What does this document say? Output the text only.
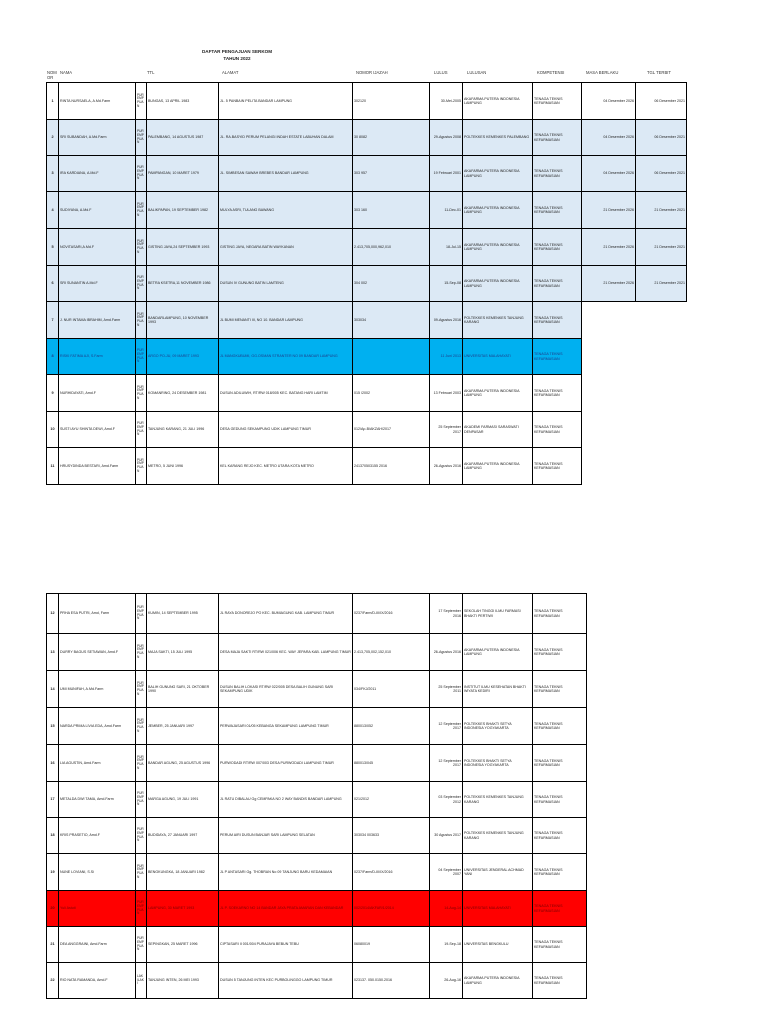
DAFTAR PENGAJUAN SERKOM
TAHUN 2022
NOM OR
NAMA	TTL	ALAMAT	NOMOR IJAZAH	LULUS	LULUSAN	KOMPETENSI	MASA BERLAKU	TGL TERBIT
1	RINTA NURSAELA, A.Md.Farm	PUR EMP PUA N	BUNGAS, 13 APRIL 1983	JL. 5 PANBAIN PELITA BANDAR LAMPUNG	302120	30-Mei-2005	AKAFARMA PUTERA INDONESIA LAMPUNG	TENAGA TEKNIS KEFARMASIAN	04 Desember 2026	06 Desember 2021
2	SRI SUBANDAH, A.Md.Farm	PUR EMP PUA N	PALEMBANG, 14 AGUSTUS 1987	JL. RA.BASYID PERUM PELANGI INDAH ESTATE LABUHAN DALAM	30 8082	29-Agustus 2008	POLTEKKES KEMENKES PALEMBANG	TENAGA TEKNIS KEFARMASIAN	04 Desember 2026	06 Desember 2021
3	IRA KARDIANA, A.Md.F	PUR EMP PUA N	PAMPANGAN, 10 MARET 1979	JL. SIMBESAN SAWAH BREBES BANDAR LAMPUNG	303 957	19 Februari 2001	AKAFARMA PUTERA INDONESIA LAMPUNG	TENAGA TEKNIS KEFARMASIAN	04 Desember 2026	06 Desember 2021
4	SUDIYANA, A.Md.F	PUR EMP PUA N	BALIKPAPAN, 19 SEPTEMBER 1982	MULYA ASRI, TULANG BAWANG	303 160	11-Dec-01	AKAFARMA PUTERA INDONESIA LAMPUNG	TENAGA TEKNIS KEFARMASIAN	21 Desember 2026	21 Desember 2021
5	NOVITASARI,A.Md.F	PUR EMP PUA N	GISTING JAYA,24 SEPTEMBER 1993	GISTING JAYA, NEGARA BATIN WAYKANAN	2.413,705,000,962,010	18-Jul-15	AKAFARMA PUTERA INDONESIA LAMPUNG	TENAGA TEKNIS KEFARMASIAN	21 Desember 2026	21 Desember 2021
6	SRI SUNANTIN A.Md.F	PUR EMP PUA N	BETRA KSETRA,11 NOVEMBER 1986	DUSUN IV GUNUNG BATIN LAMTENG	304 002	15-Sep-08	AKAFARMA PUTERA INDONESIA LAMPUNG	TENAGA TEKNIS KEFARMASIAN	21 Desember 2026	21 Desember 2021
7	J. NUR INTAMA IBRAHIM, Amd.Farm	PUR EMP PUA N	BANDARLAMPUNG, 10 NOVEMBER 1993	JL BUMI MENANTI III, NO 10. BANDAR LAMPUNG	303034	09-Agustus 2016	POLTEKKES KEMENKES TANJUNG KARANG	TENAGA TEKNIS KEFARMASIAN		
8	RISKI FATIMA AJI, S.Farm	PUR EMP PUA N	ARGO PO-JU, 09 MARET 1993	JL MANGKUBUMI, GG.OSMAN STRANTER NO 09 BANDAR LAMPUNG		11 Juni 2013	UNIVERSITAS MALAHAYATI	TENAGA TEKNIS KEFARMASIAN		
9	NURHIDAYATI, Amd.F	PUR EMP PUA N	KOMANRING, 24 DESEMBER 1981	DUSUN ADILUWIH, RT/RW 018/005 KEC. BATANG HARI LAMTIM	015 /2002	13 Februari 2003	AKAFARMA PUTERA INDONESIA LAMPUNG	TENAGA TEKNIS KEFARMASIAN		
10	SUSTI AYU SHINTA DEWI, Amd.F	PUR EMP PUA N	TANJUNG KARANG, 21 JULI 1996	DESA GEDUNG SEKAMPUNG UDIK LAMPUNG TIMUR	012/Ap-B/AKZAH/2017	25 September 2017	AKADEMI FARMASI SARASWATI DENPASAR	TENAGA TEKNIS KEFARMASIAN		
11	HRUSYDINDA BESTARI, Amd.Farm	PUR EMP PUA N	METRO, 5 JUNI 1996	KEL KARANG REJO KEC. METRO UTARA KOTA METRO	241370503155 2016	26-Agustus 2016	AKAFARMA PUTERA INDONESIA LAMPUNG	TENAGA TEKNIS KEFARMASIAN		
12	PRHA ESA PUTRI, Amd, Farm	PUR EMP PUA N	KUMIN, 14 SEPTEMBER 1995	JL RAYA DONOREJO PO KEC. BUMIAGUNG KAB. LAMPUNG TIMUR	0237/Farm/D-III/IX/2016	17 September 2016	SEKOLAH TINGGI ILMU FARMASI BHAKTI PERTIWI	TENAGA TEKNIS KEFARMASIAN
13	DURRY BAGUS SETIAWAN, Amd.F	PUR EMP PUA N	MAJA SAKTI, 15 JULI 1995	DESA MAJA SAKTI RT/RW 021/006 KEC. WAY JEPARA KAB. LAMPUNG TIMUR	2.413,705,002,152,010	26-Agustus 2016	AKAFARMA PUTERA INDONESIA LAMPUNG	TENAGA TEKNIS KEFARMASIAN
14	UMI MUNIFAH, A.Md.Farm	PUR EMP PUA N	BALIH GUNUNG SARI, 21 OKTOBER 1990	DUSUN BALIH LOKASI RT/RW 022/005 DESA BALIH GUNUNG SARI SEKAMPUNG UDIK	034/FKJ/2011	25 September 2011	INSTITUT ILMU KESEHATAN BHAKTI WIYATA KEDIRI	TENAGA TEKNIS KEFARMASIAN
15	NARDA PRIMA LIVIA EDA, Amd.Farm	PUR EMP PUA N	JEMBER, 25 JANUARI 1997	PERWAJASARI 01/05 KEBANGA SEKAMPUNG LAMPUNG TIMUR	880013/052	12 September 2017	POLTEKKES BHAKTI SETYA INDONESIA YOGYAKARTA	TENAGA TEKNIS KEFARMASIAN
16	LIA AGUSTIN, Amd.Farm	PUR EMP PUA N	BANDAR AGUNG, 25 AGUSTUS 1996	PURWODADI RT/RW 007/003 DESA PURWODADI LAMPUNG TIMUR	880013/045	12 September 2017	POLTEKKES BHAKTI SETYA INDONESIA YOGYAKARTA	TENAGA TEKNIS KEFARMASIAN
17	METALDA DWI TAMA, Amd.Farm	PUR EMP PUA N	MARGA AGUNG, 19 JULI 1991	JL RATU DIBALAU Gg CEMPAKA NO 2 WAY BANDIS BANDAR LAMPUNG	021/2012	03 September 2012	POLTEKKES KEMENKES TANJUNG KARANG	TENAGA TEKNIS KEFARMASIAN
18	KRIS PRASETIO, Amd.F	PUR EMP PUA N	BUDIDAYA, 27 JANUARI 1997	PERUM AIRI DUSUN BANJAR SARI LAMPUNG SELATAN	303034 003633	30 Agustus 2017	POLTEKKES KEMENKES TANJUNG KARANG	TENAGA TEKNIS KEFARMASIAN
19	NUNE LOVIANI, S.Si	PUR EMP PUA N	BENGKUNGKA, 18 JANUARI 1982	JL P ANTASARI Gg. THOBRAN No 09 TANJUNG BARU KEDAMAIAN	0237/Farm/D-III/IX/2016	04 September 2007	UNIVERSITAS JENDERAL ACHMAD YANI	TENAGA TEKNIS KEFARMASIAN
20	Yuli Astuti	PUR EMP PUA N	LAMPUNG, 30 MARET 1993	JL P. SOEKARNO NO 14 BANDAR JAYA PRATA AMARAN DAN KEBANDAR	002/2014/AKFAR/1/2014	14-Aug-14	UNIVERSITAS MALAHAYATI	TENAGA TEKNIS KEFARMASIAN
21	DEA ANGGRAINI, Amd.Farm	PUR EMP PUA N	SEPINGKAN, 25 MARET 1996	CIPTASARI II 001/004 PURAJAYA BEBUN TEBU	06080019	19-Sep-18	UNIVERSITAS BENGKULU	TENAGA TEKNIS KEFARMASIAN
22	RIO NATA RAMANDA, Amd.F	LAK ILAK I	TANJUNG INTEN, 26 MEI 1993	DUSUN 5 TANJUNG INTEN KEC PURBOLINGGO LAMPUNG TIMUR	023137. 050.0150.2016	26-Aug-16	AKAFARMA PUTERA INDONESIA LAMPUNG	TENAGA TEKNIS KEFARMASIAN
